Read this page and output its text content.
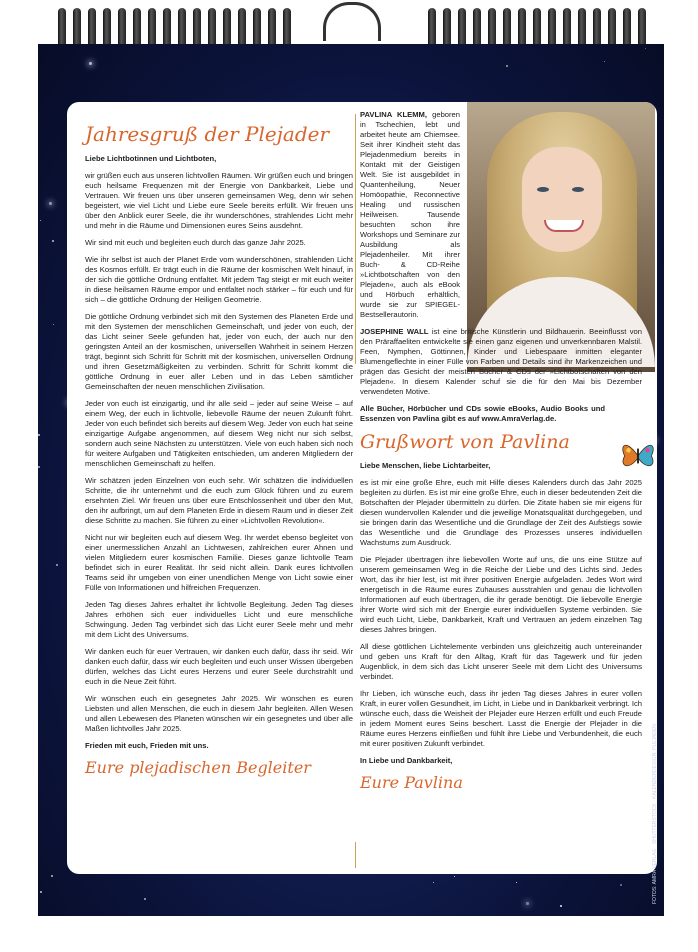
Jahresgruß der Plejader

Liebe Lichtbotinnen und Lichtboten,

wir grüßen euch aus unseren lichtvollen Räumen. Wir grüßen euch und bringen euch heilsame Frequenzen mit der Energie von Dankbarkeit, Liebe und Vertrauen. Wir freuen uns über unseren gemeinsamen Weg, denn wir sehen begeistert, wie viel Licht und Liebe eure Seele bereits erfüllt. Wir freuen uns über den Anblick eurer Seele, die ihr wunderschönes, strahlendes Licht mehr und mehr in die Räume und Dimensionen eures Seins ausdehnt.

Wir sind mit euch und begleiten euch durch das ganze Jahr 2025.

Wie ihr selbst ist auch der Planet Erde vom wunderschönen, strahlenden Licht des Kosmos erfüllt. Er trägt euch in die Räume der kosmischen Welt hinauf, in der sich die göttliche Ordnung entfaltet. Mit jedem Tag steigt er mit euch weiter in diese heilsamen Räume empor und entfaltet noch stärker – für euch und für sich – die göttliche Ordnung der Heiligen Geometrie.

Die göttliche Ordnung verbindet sich mit den Systemen des Planeten Erde und mit den Systemen der menschlichen Gemeinschaft, und jeder von euch, der das Licht seiner Seele gefunden hat, jeder von euch, der auch nur den geringsten Anteil an der kosmischen, universellen Wahrheit in seinem Herzen trägt, beginnt sich Schritt für Schritt mit der kosmischen, universellen Ordnung und ihren Gesetzmäßigkeiten zu verbinden. Schritt für Schritt kommt die göttliche Ordnung in euer aller Leben und in das Leben sämtlicher Gemeinschaften der neuen menschlichen Zivilisation.

Jeder von euch ist einzigartig, und ihr alle seid – jeder auf seine Weise – auf einem Weg, der euch in lichtvolle, liebevolle Räume der neuen Zukunft führt. Jeder von euch befindet sich bereits auf diesem Weg. Jeder von euch hat seine einzigartige Aufgabe angenommen, auf diesem Weg nicht nur sich selbst, sondern auch seine Nächsten zu unterstützen. Viele von euch haben sich noch für weitere Aufgaben und Tätigkeiten entschieden, um anderen Mitgliedern der menschlichen Gemeinschaft zu helfen.

Wir schätzen jeden Einzelnen von euch sehr. Wir schätzen die individuellen Schritte, die ihr unternehmt und die euch zum Glück führen und zu eurem ersehnten Ziel. Wir freuen uns über eure Entschlossenheit und über den Mut, den ihr aufbringt, um auf dem Planeten Erde in diesem Raum und in dieser Zeit diese Schritte zu machen. Sie führen zu einer »Lichtvollen Revolution«.

Nicht nur wir begleiten euch auf diesem Weg. Ihr werdet ebenso begleitet von einer unermesslichen Anzahl an Lichtwesen, zahlreichen eurer Ahnen und vielen Mitgliedern eurer kosmischen Familie. Dieses ganze lichtvolle Team befindet sich in eurer Realität. Ihr seid nicht allein. Dank eures lichtvollen Teams seid ihr umgeben von einer unendlichen Menge von Licht sowie einer Fülle von Informationen und hilfreichen Frequenzen.

Jeden Tag dieses Jahres erhaltet ihr lichtvolle Begleitung. Jeden Tag dieses Jahres erhöhen sich euer individuelles Licht und eure menschliche Schwingung. Jeden Tag verbindet sich das Licht eurer Seele mehr und mehr mit dem Licht des Universums.

Wir danken euch für euer Vertrauen, wir danken euch dafür, dass ihr seid. Wir danken euch dafür, dass wir euch begleiten und euch unser Wissen übergeben dürfen, welches das Licht eures Herzens und eurer Seele durchstrahlt und euch in die Neue Zeit führt.

Wir wünschen euch ein gesegnetes Jahr 2025. Wir wünschen es euren Liebsten und allen Menschen, die euch in diesem Jahr begleiten. Allen Wesen und allen Lebewesen des Planeten wünschen wir ein gesegnetes und über alle Maßen lichtvolles Jahr 2025.

Frieden mit euch, Frieden mit uns.

Eure plejadischen Begleiter

PAVLINA KLEMM, geboren in Tschechien, lebt und arbeitet heute am Chiemsee. Seit ihrer Kindheit steht das Plejadenmedium bereits in Kontakt mit der Geistigen Welt. Sie ist ausgebildet in Quantenheilung, Neuer Homöopathie, Reconnective Healing und russischen Heilweisen. Tausende besuchten schon ihre Workshops und Seminare zur Ausbildung als Plejadenheiler. Mit ihrer Buch- & CD-Reihe »Lichtbotschaften von den Plejaden«, auch als eBook und Hörbuch erhältlich, wurde sie zur SPIEGEL-Bestsellerautorin.

JOSEPHINE WALL ist eine britische Künstlerin und Bildhauerin. Beeinflusst von den Präraffaeliten entwickelte sie einen ganz eigenen und unverkennbaren Malstil. Feen, Nymphen, Göttinnen, Kinder und Liebespaare inmitten eleganter Blumengeflechte in einer Fülle von Farben und Details sind ihr Markenzeichen und prägen das Gesicht der meisten Bücher & CDs der »Lichtbotschaften von den Plejaden«. In diesem Kalender schuf sie die für den Mai bis Dezember verwendeten Motive.

Alle Bücher, Hörbücher und CDs sowie eBooks, Audio Books und Essenzen von Pavlina gibt es auf www.AmraVerlag.de.

Grußwort von Pavlina

Liebe Menschen, liebe Lichtarbeiter,

es ist mir eine große Ehre, euch mit Hilfe dieses Kalenders durch das Jahr 2025 begleiten zu dürfen. Es ist mir eine große Ehre, euch in dieser bedeutenden Zeit die Botschaften der Plejader übermitteln zu dürfen. Die Zitate haben sie mir eigens für diesen wundervollen Kalender und die jeweilige Monatsqualität durchgegeben, und sie bringen darin das Wesentliche und die Grundlage der Zeit des Aufstiegs sowie das Wesentliche und die Grundlage des Prozesses unseres individuellen Wachstums zum Ausdruck.

Die Plejader übertragen ihre liebevollen Worte auf uns, die uns eine Stütze auf unserem gemeinsamen Weg in die Reiche der Liebe und des Lichts sind. Jedes Wort, das ihr hier lest, ist mit ihrer positiven Energie aufgeladen. Jedes Wort wird energetisch in die Räume eures Zuhauses ausstrahlen und genau die lichtvollen Informationen auf euch übertragen, die ihr gerade benötigt. Die liebevolle Energie ihrer Worte wird sich mit der Energie eurer individuellen Systeme verbinden. Sie wird euch Licht, Liebe, Dankbarkeit, Kraft und Vertrauen an jedem einzelnen Tag dieses Jahres bringen.

All diese göttlichen Lichtelemente verbinden uns gleichzeitig auch untereinander und geben uns Kraft für den Alltag, Kraft für das Tagewerk und für jeden Augenblick, in dem sich das Licht unserer Seele mit dem Licht des Universums verbindet.

Ihr Lieben, ich wünsche euch, dass ihr jeden Tag dieses Jahres in eurer vollen Kraft, in eurer vollen Gesundheit, im Licht, in Liebe und in Dankbarkeit verbringt. Ich wünsche euch, dass die Weisheit der Plejader eure Herzen erfüllt und euch Freude in jedem Moment eures Seins beschert. Lasst die Energie der Plejader in die Räume eures Herzens einfließen und fühlt ihre Liebe und Verbundenheit, die euch mit eurer positiven Zukunft verbindet.

In Liebe und Dankbarkeit,

Eure Pavlina	FOTOS: AMRA VERLAG · SHUTTERSTOCK · KALENDERDESIGN: PLEJADEN
